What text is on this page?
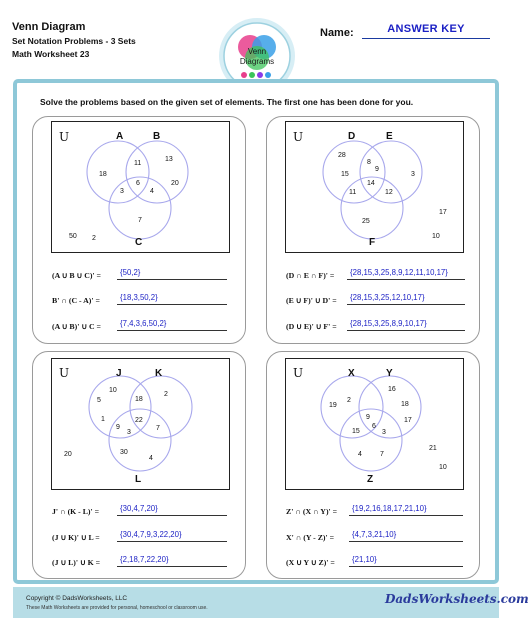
Venn Diagram
Set Notation Problems - 3 Sets
Math Worksheet 23	Venn
Diagrams
Name:	ANSWER KEY
Solve the problems based on the given set of elements. The first one has been done for you.
U	A	B
C
11
13
18
6	20
3	4
7
50 2
(A ∪ B ∪ C)' = {50,2}
B' ∩ (C - A)' =	{18,3,50,2}
(A ∪ B)' ∪ C = {7,4,3,6,50,2}
U	D	E
F
28
8
9
15
14
3
11	12
25
17
10
(D ∩ E ∩ F)' = {28,15,3,25,8,9,12,11,10,17}
(E ∪ F)' ∪ D' = {28,15,3,25,12,10,17}
(D ∪ E)' ∪ F' = {28,15,3,25,8,9,10,17}
U	J	K
L
10
5	18
2
1	22
9
3
7
30
4
20
J' ∩ (K - L)' =	{30,4,7,20}
(J ∪ K)' ∪ L =	{30,4,7,9,3,22,20}
(J ∪ L)' ∪ K =	{2,18,7,22,20}
U	X	Y
Z
16
2
19	18
9	17
15
6
3
4	7
21
10
Z' ∩ (X ∩ Y)' = {19,2,16,18,17,21,10}
X' ∩ (Y - Z)' = {4,7,3,21,10}
(X ∪ Y ∪ Z)' = {21,10}
Copyright © DadsWorksheets, LLC
These Math Worksheets are provided for personal, homeschool or classroom use.
DadsWorksheets.com
